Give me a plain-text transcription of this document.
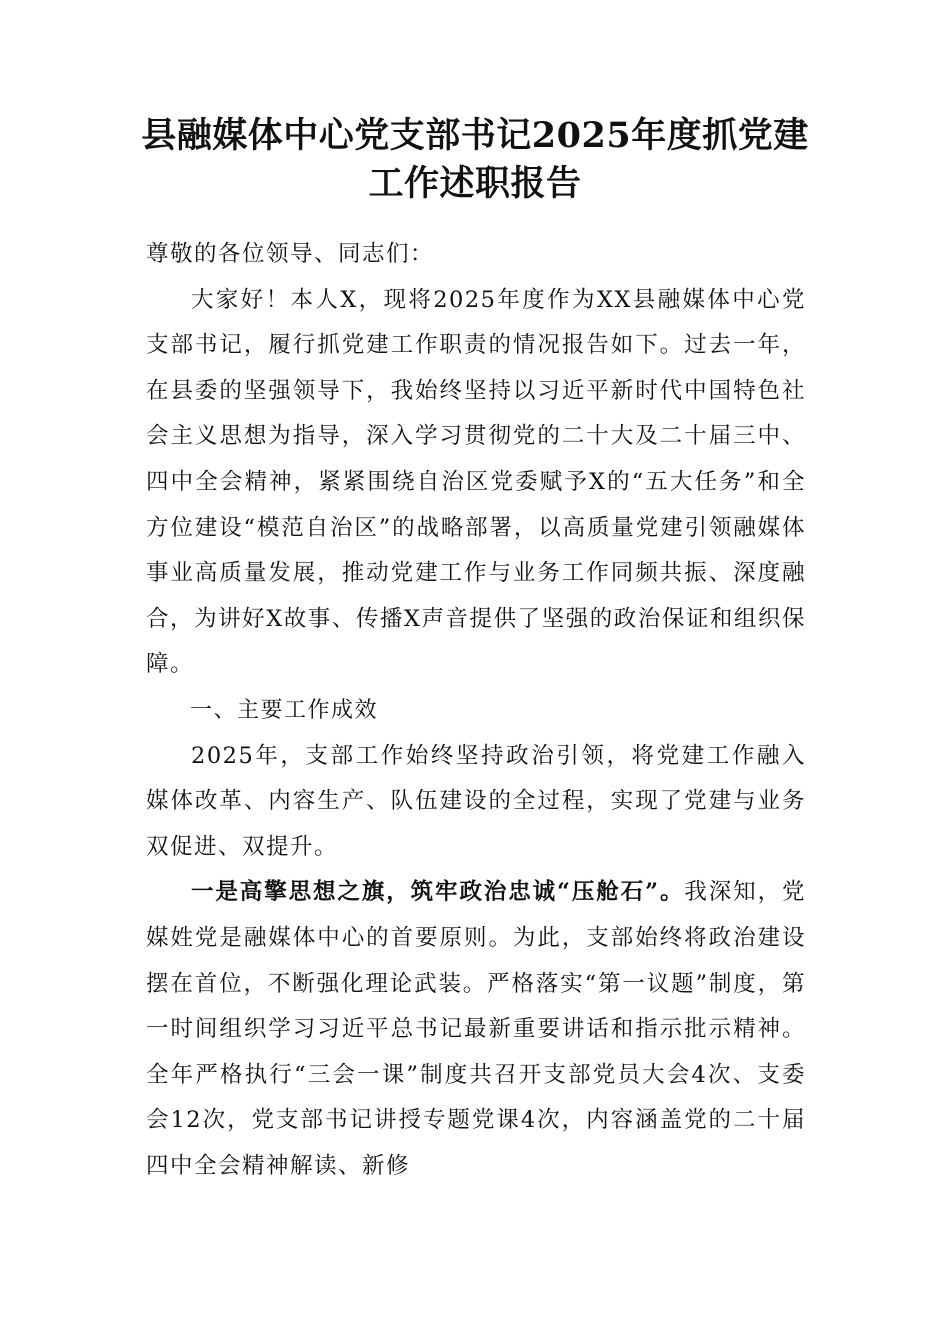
县融媒体中心党支部书记2025年度抓党建
工作述职报告

尊敬的各位领导、同志们：

大家好！本人X，现将2025年度作为XX县融媒体中心党支部书记，履行抓党建工作职责的情况报告如下。过去一年，在县委的坚强领导下，我始终坚持以习近平新时代中国特色社会主义思想为指导，深入学习贯彻党的二十大及二十届三中、四中全会精神，紧紧围绕自治区党委赋予X的“五大任务”和全方位建设“模范自治区”的战略部署，以高质量党建引领融媒体事业高质量发展，推动党建工作与业务工作同频共振、深度融合，为讲好X故事、传播X声音提供了坚强的政治保证和组织保障。

一、主要工作成效

2025年，支部工作始终坚持政治引领，将党建工作融入媒体改革、内容生产、队伍建设的全过程，实现了党建与业务双促进、双提升。

一是高擎思想之旗，筑牢政治忠诚“压舱石”。我深知，党媒姓党是融媒体中心的首要原则。为此，支部始终将政治建设摆在首位，不断强化理论武装。严格落实“第一议题”制度，第一时间组织学习习近平总书记最新重要讲话和指示批示精神。全年严格执行“三会一课”制度共召开支部党员大会4次、支委会12次，党支部书记讲授专题党课4次，内容涵盖党的二十届四中全会精神解读、新修
